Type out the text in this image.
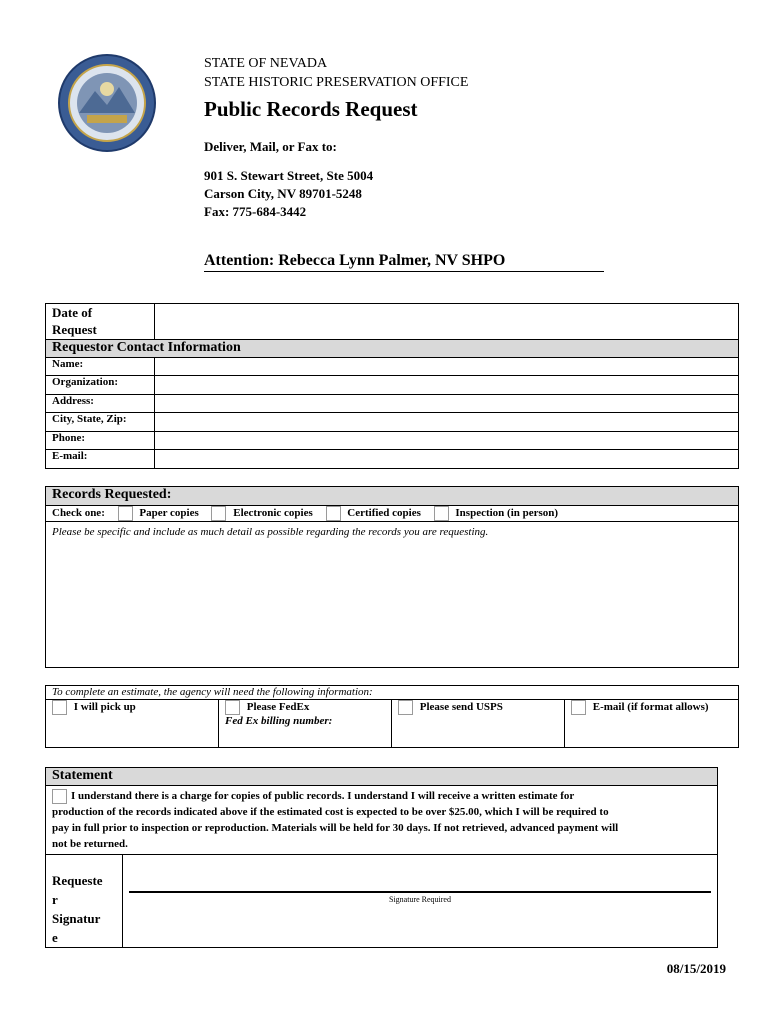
STATE OF NEVADA
STATE HISTORIC PRESERVATION OFFICE
Public Records Request
Deliver, Mail, or Fax to:
901 S. Stewart Street, Ste 5004
Carson City, NV 89701-5248
Fax: 775-684-3442
Attention: Rebecca Lynn Palmer, NV SHPO
Date of
Request	

Requestor Contact Information	
Name:	
Organization:	
Address:	
City, State, Zip:	
Phone:	
E-mail:	
Records Requested:
Check one:	Paper copies	Electronic copies	Certified copies	Inspection (in person)
Please be specific and include as much detail as possible regarding the records you are requesting.
To complete an estimate, the agency will need the following information:
I will pick up	Please FedEx
Fed Ex billing number:
	Please send USPS	E-mail (if format allows)
Statement

I understand there is a charge for copies of public records. I understand I will receive a written estimate for
production of the records indicated above if the estimated cost is expected to be over $25.00, which I will be required to
pay in full prior to inspection or reproduction. Materials will be held for 30 days. If not retrieved, advanced payment will
not be returned.

Requeste
r
Signatur
e

Signature Required
08/15/2019
